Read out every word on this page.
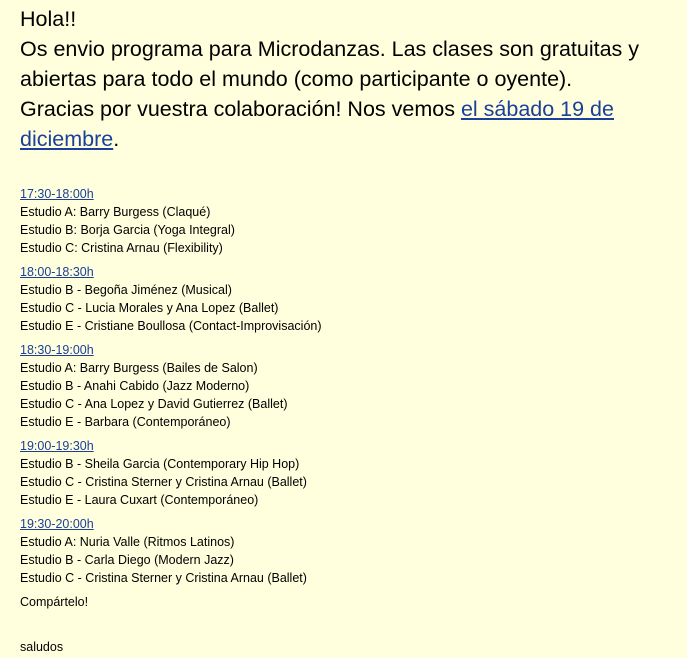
Hola!!

Os envio programa para Microdanzas. Las clases son gratuitas y abiertas para todo el mundo (como participante o oyente).

Gracias por vuestra colaboración! Nos vemos el sábado 19 de diciembre.

17:30-18:00h
Estudio A: Barry Burgess (Claqué)
Estudio B: Borja Garcia (Yoga Integral)
Estudio C: Cristina Arnau (Flexibility)
18:00-18:30h
Estudio B - Begoña Jiménez (Musical)
Estudio C - Lucia Morales y Ana Lopez (Ballet)
Estudio E - Cristiane Boullosa (Contact-Improvisación)
18:30-19:00h
Estudio A: Barry Burgess (Bailes de Salon)
Estudio B - Anahi Cabido (Jazz Moderno)
Estudio C - Ana Lopez y David Gutierrez (Ballet)
Estudio E - Barbara (Contemporáneo)
19:00-19:30h
Estudio B - Sheila Garcia (Contemporary Hip Hop)
Estudio C - Cristina Sterner y Cristina Arnau (Ballet)
Estudio E - Laura Cuxart (Contemporáneo)
19:30-20:00h
Estudio A: Nuria Valle (Ritmos Latinos)
Estudio B - Carla Diego (Modern Jazz)
Estudio C - Cristina Sterner y Cristina Arnau (Ballet)
Compártelo!
saludos
